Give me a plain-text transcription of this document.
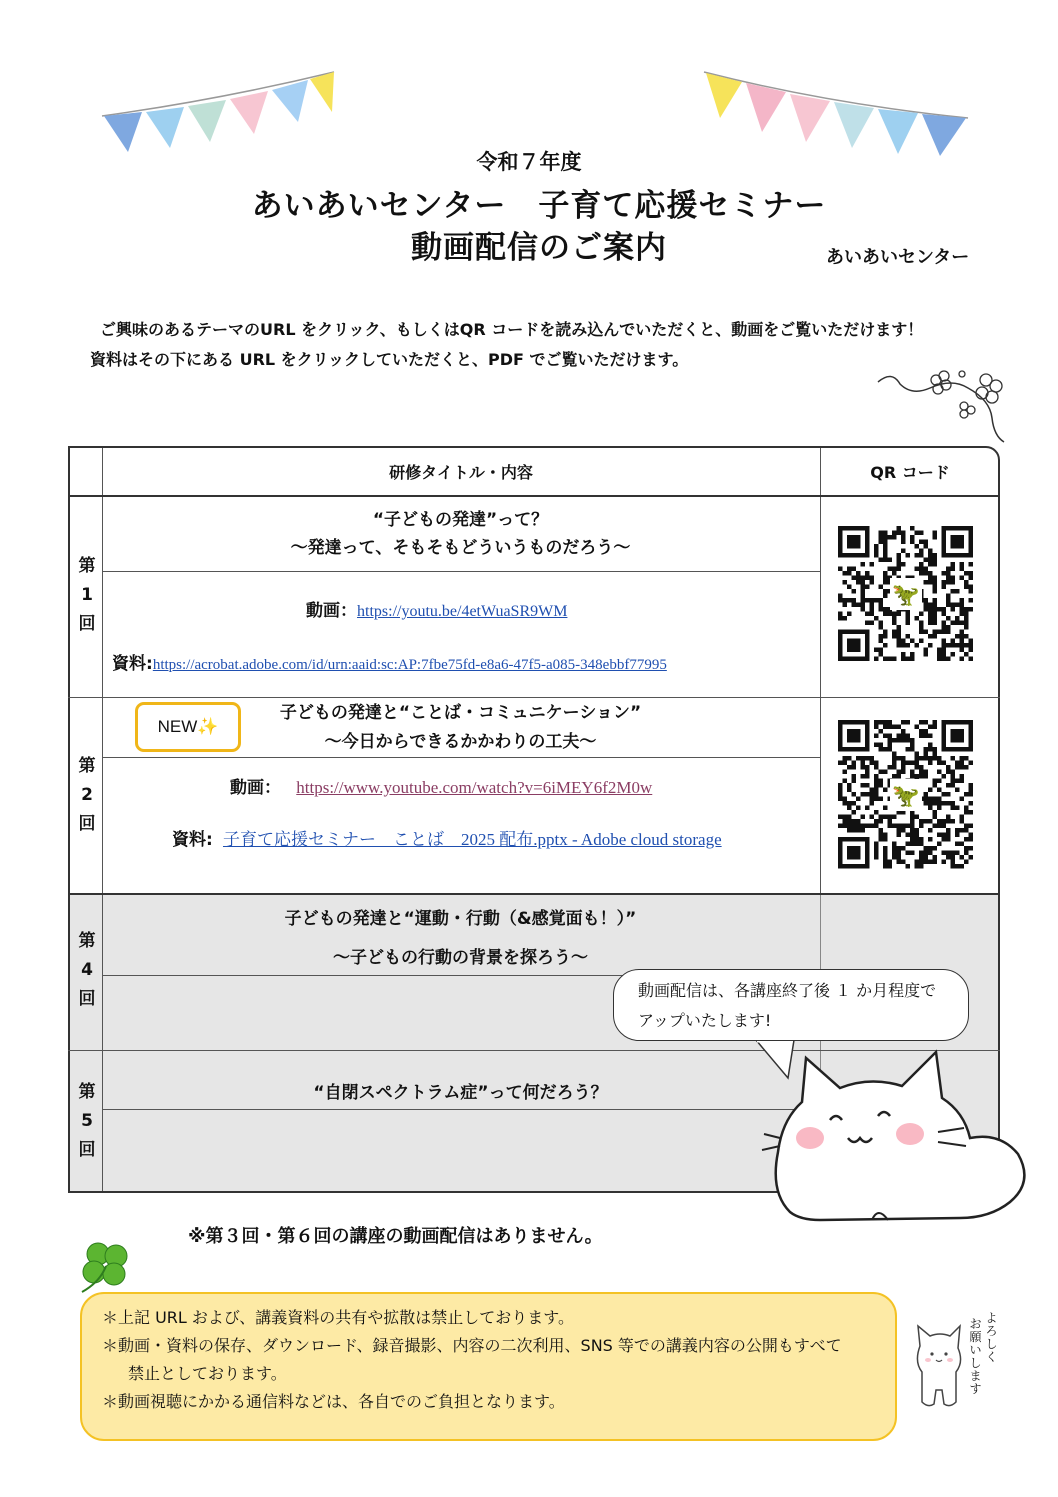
令和７年度
あいあいセンター　子育て応援セミナー
動画配信のご案内	あいあいセンター
ご興味のあるテーマのURL をクリック、もしくはQR コードを読み込んでいただくと、動画をご覧いただけます！
資料はその下にある URL をクリックしていただくと、PDF でご覧いただけます。
研修タイトル・内容	QR コード
第
1
回
“子どもの発達”って？
～発達って、そもそもどういうものだろう～
動画：https://youtu.be/4etWuaSR9WM
資料:https://acrobat.adobe.com/id/urn:aaid:sc:AP:7fbe75fd-e8a6-47f5-a085-348ebbf77995
🦖
第
2
回
NEW✨
子どもの発達と“ことば・コミュニケーション”
～今日からできるかかわりの工夫～
動画： https://www.youtube.com/watch?v=6iMEY6f2M0w
資料: 子育て応援セミナー　ことば　2025 配布.pptx - Adobe cloud storage
🦖
第
4
回
子どもの発達と“運動・行動（&感覚面も！）”
～子どもの行動の背景を探ろう～
第
5
回
“自閉スペクトラム症”って何だろう？
動画配信は、各講座終了後 １ か月程度で
アップいたします!
※第３回・第６回の講座の動画配信はありません。
＊上記 URL および、講義資料の共有や拡散は禁止しております。
＊動画・資料の保存、ダウンロード、録音撮影、内容の二次利用、SNS 等での講義内容の公開もすべて
禁止としております。
＊動画視聴にかかる通信料などは、各自でのご負担となります。
よろしく
お願いします
